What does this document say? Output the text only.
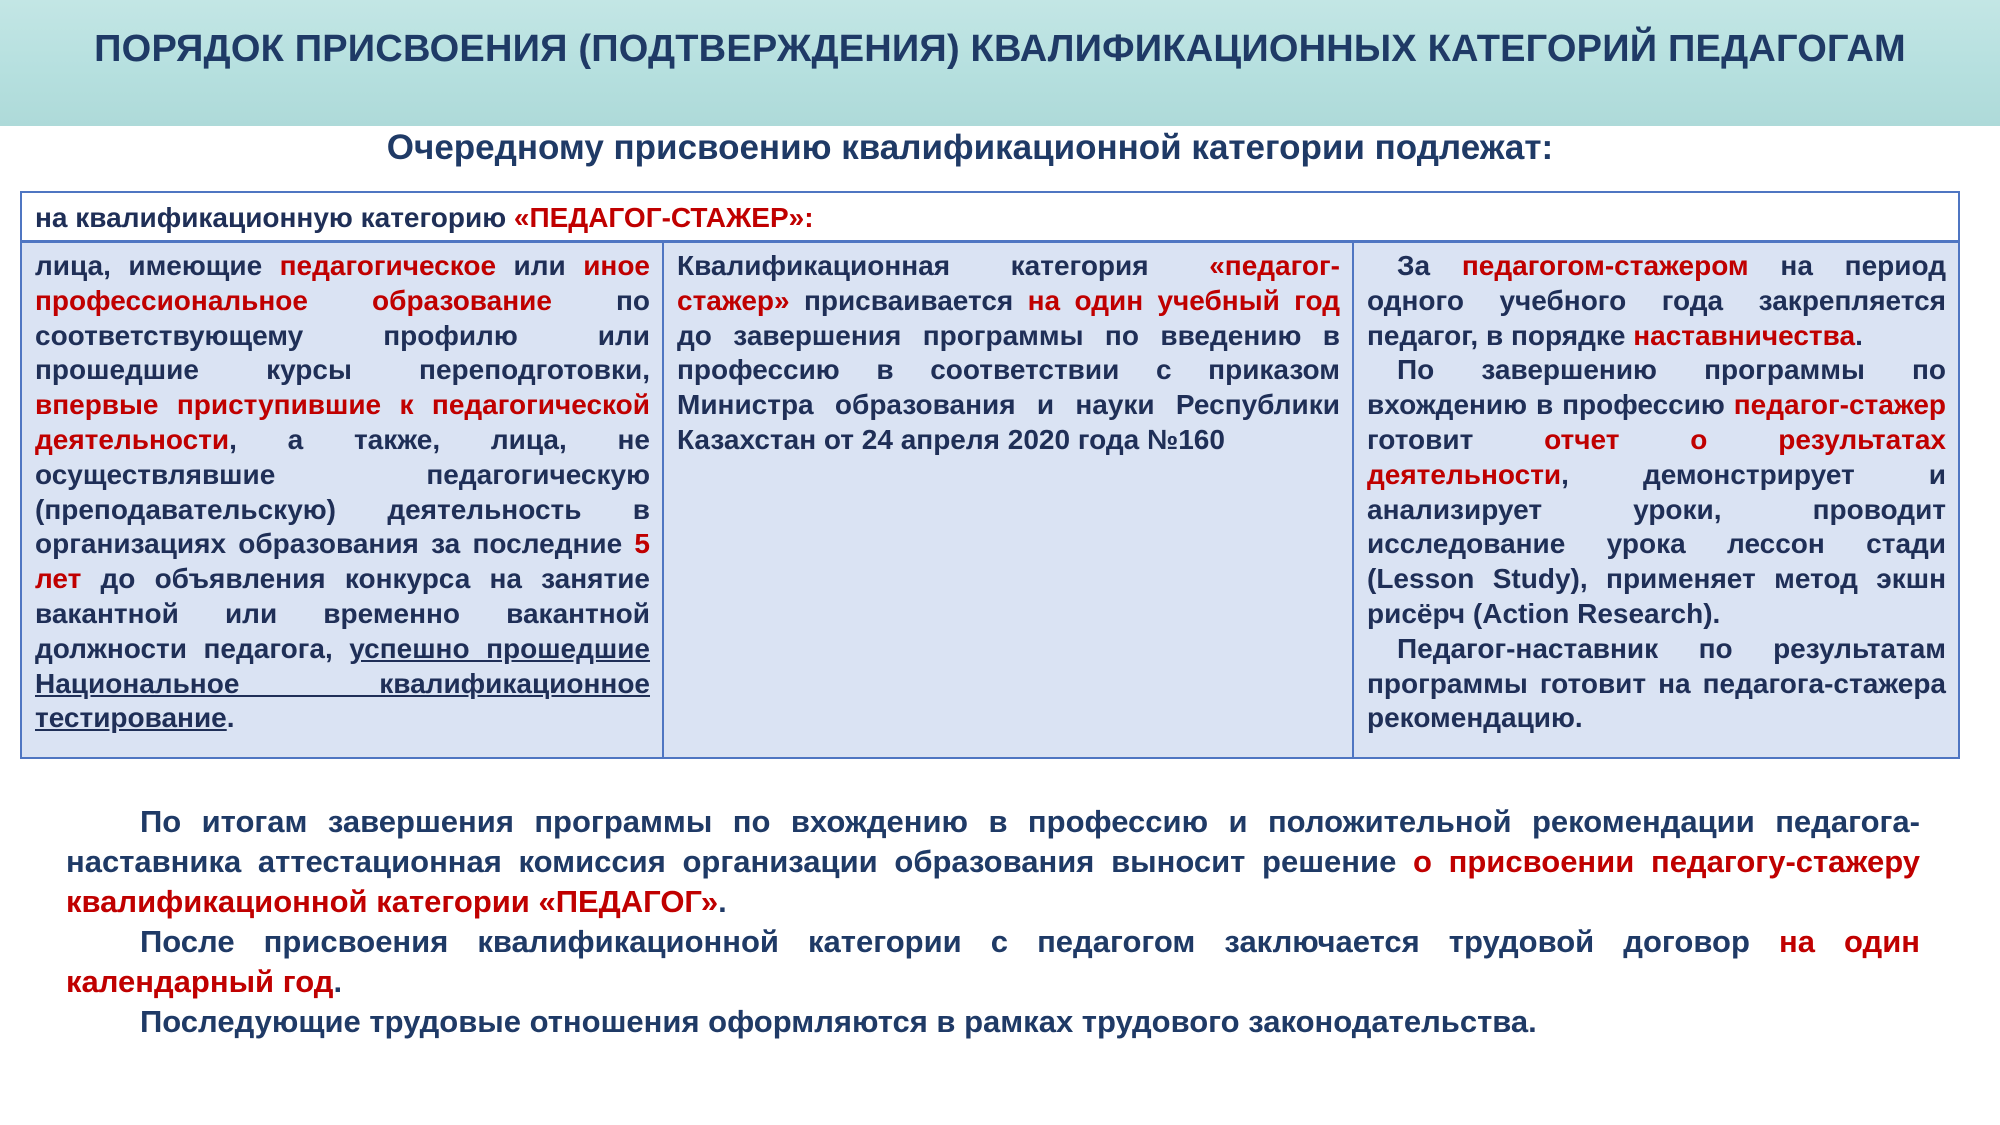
ПОРЯДОК ПРИСВОЕНИЯ (ПОДТВЕРЖДЕНИЯ) КВАЛИФИКАЦИОННЫХ КАТЕГОРИЙ ПЕДАГОГАМ
Очередному присвоению квалификационной категории подлежат:
на квалификационную категорию «ПЕДАГОГ-СТАЖЕР»:

лица, имеющие педагогическое или иное профессиональное образование по соответствующему профилю или прошедшие курсы переподготовки, впервые приступившие к педагогической деятельности, а также, лица, не осуществлявшие педагогическую (преподавательскую) деятельность в организациях образования за последние 5 лет до объявления конкурса на занятие вакантной или временно вакантной должности педагога, успешно прошедшие Национальное квалификационное тестирование.

Квалификационная категория «педагог-стажер» присваивается на один учебный год до завершения программы по введению в профессию в соответствии с приказом Министра образования и науки Республики Казахстан от 24 апреля 2020 года №160

За педагогом-стажером на период одного учебного года закрепляется педагог, в порядке наставничества.

По завершению программы по вхождению в профессию педагог-стажер готовит отчет о результатах деятельности, демонстрирует и анализирует уроки, проводит исследование урока лессон стади (Lesson Study), применяет метод экшн рисёрч (Action Research).

Педагог-наставник по результатам программы готовит на педагога-стажера рекомендацию.

По итогам завершения программы по вхождению в профессию и положительной рекомендации педагога-наставника аттестационная комиссия организации образования выносит решение о присвоении педагогу-стажеру квалификационной категории «ПЕДАГОГ».

После присвоения квалификационной категории с педагогом заключается трудовой договор на один календарный год.

Последующие трудовые отношения оформляются в рамках трудового законодательства.
